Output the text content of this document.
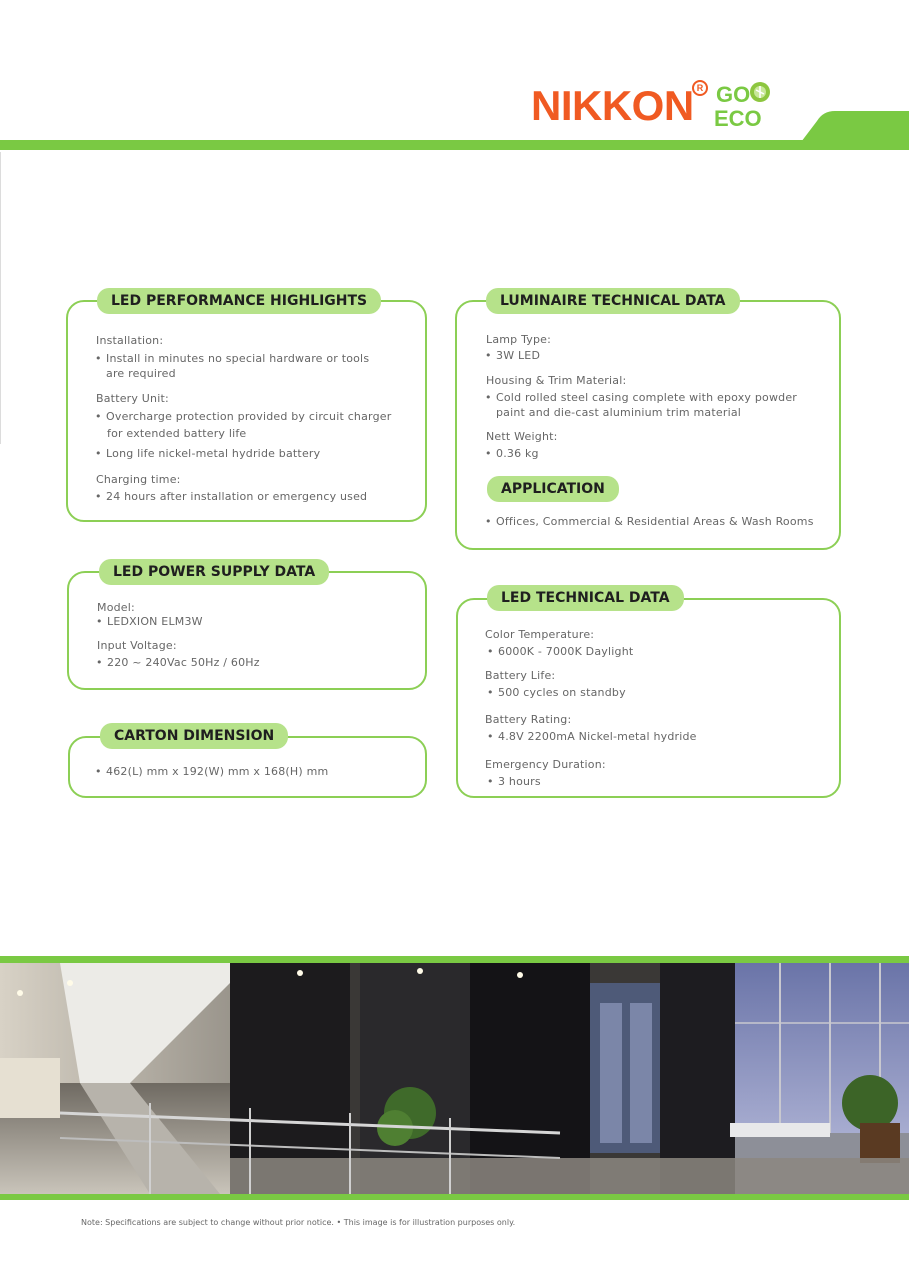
NIKKON R GO
ECO
LED PERFORMANCE HIGHLIGHTS
Installation:
• Install in minutes no special hardware or tools
are required
Battery Unit:
• Overcharge protection provided by circuit charger
for extended battery life
• Long life nickel-metal hydride battery
Charging time:
• 24 hours after installation or emergency used
LUMINAIRE TECHNICAL DATA
Lamp Type:
• 3W LED
Housing & Trim Material:
• Cold rolled steel casing complete with epoxy powder
paint and die-cast aluminium trim material
Nett Weight:
• 0.36 kg
APPLICATION
• Offices, Commercial & Residential Areas & Wash Rooms
LED POWER SUPPLY DATA
Model:
• LEDXION ELM3W
Input Voltage:
• 220 ~ 240Vac 50Hz / 60Hz
CARTON DIMENSION
• 462(L) mm x 192(W) mm x 168(H) mm
LED TECHNICAL DATA
Color Temperature:
• 6000K - 7000K Daylight
Battery Life:
• 500 cycles on standby
Battery Rating:
• 4.8V 2200mA Nickel-metal hydride
Emergency Duration:
• 3 hours
Note: Specifications are subject to change without prior notice. • This image is for illustration purposes only.
